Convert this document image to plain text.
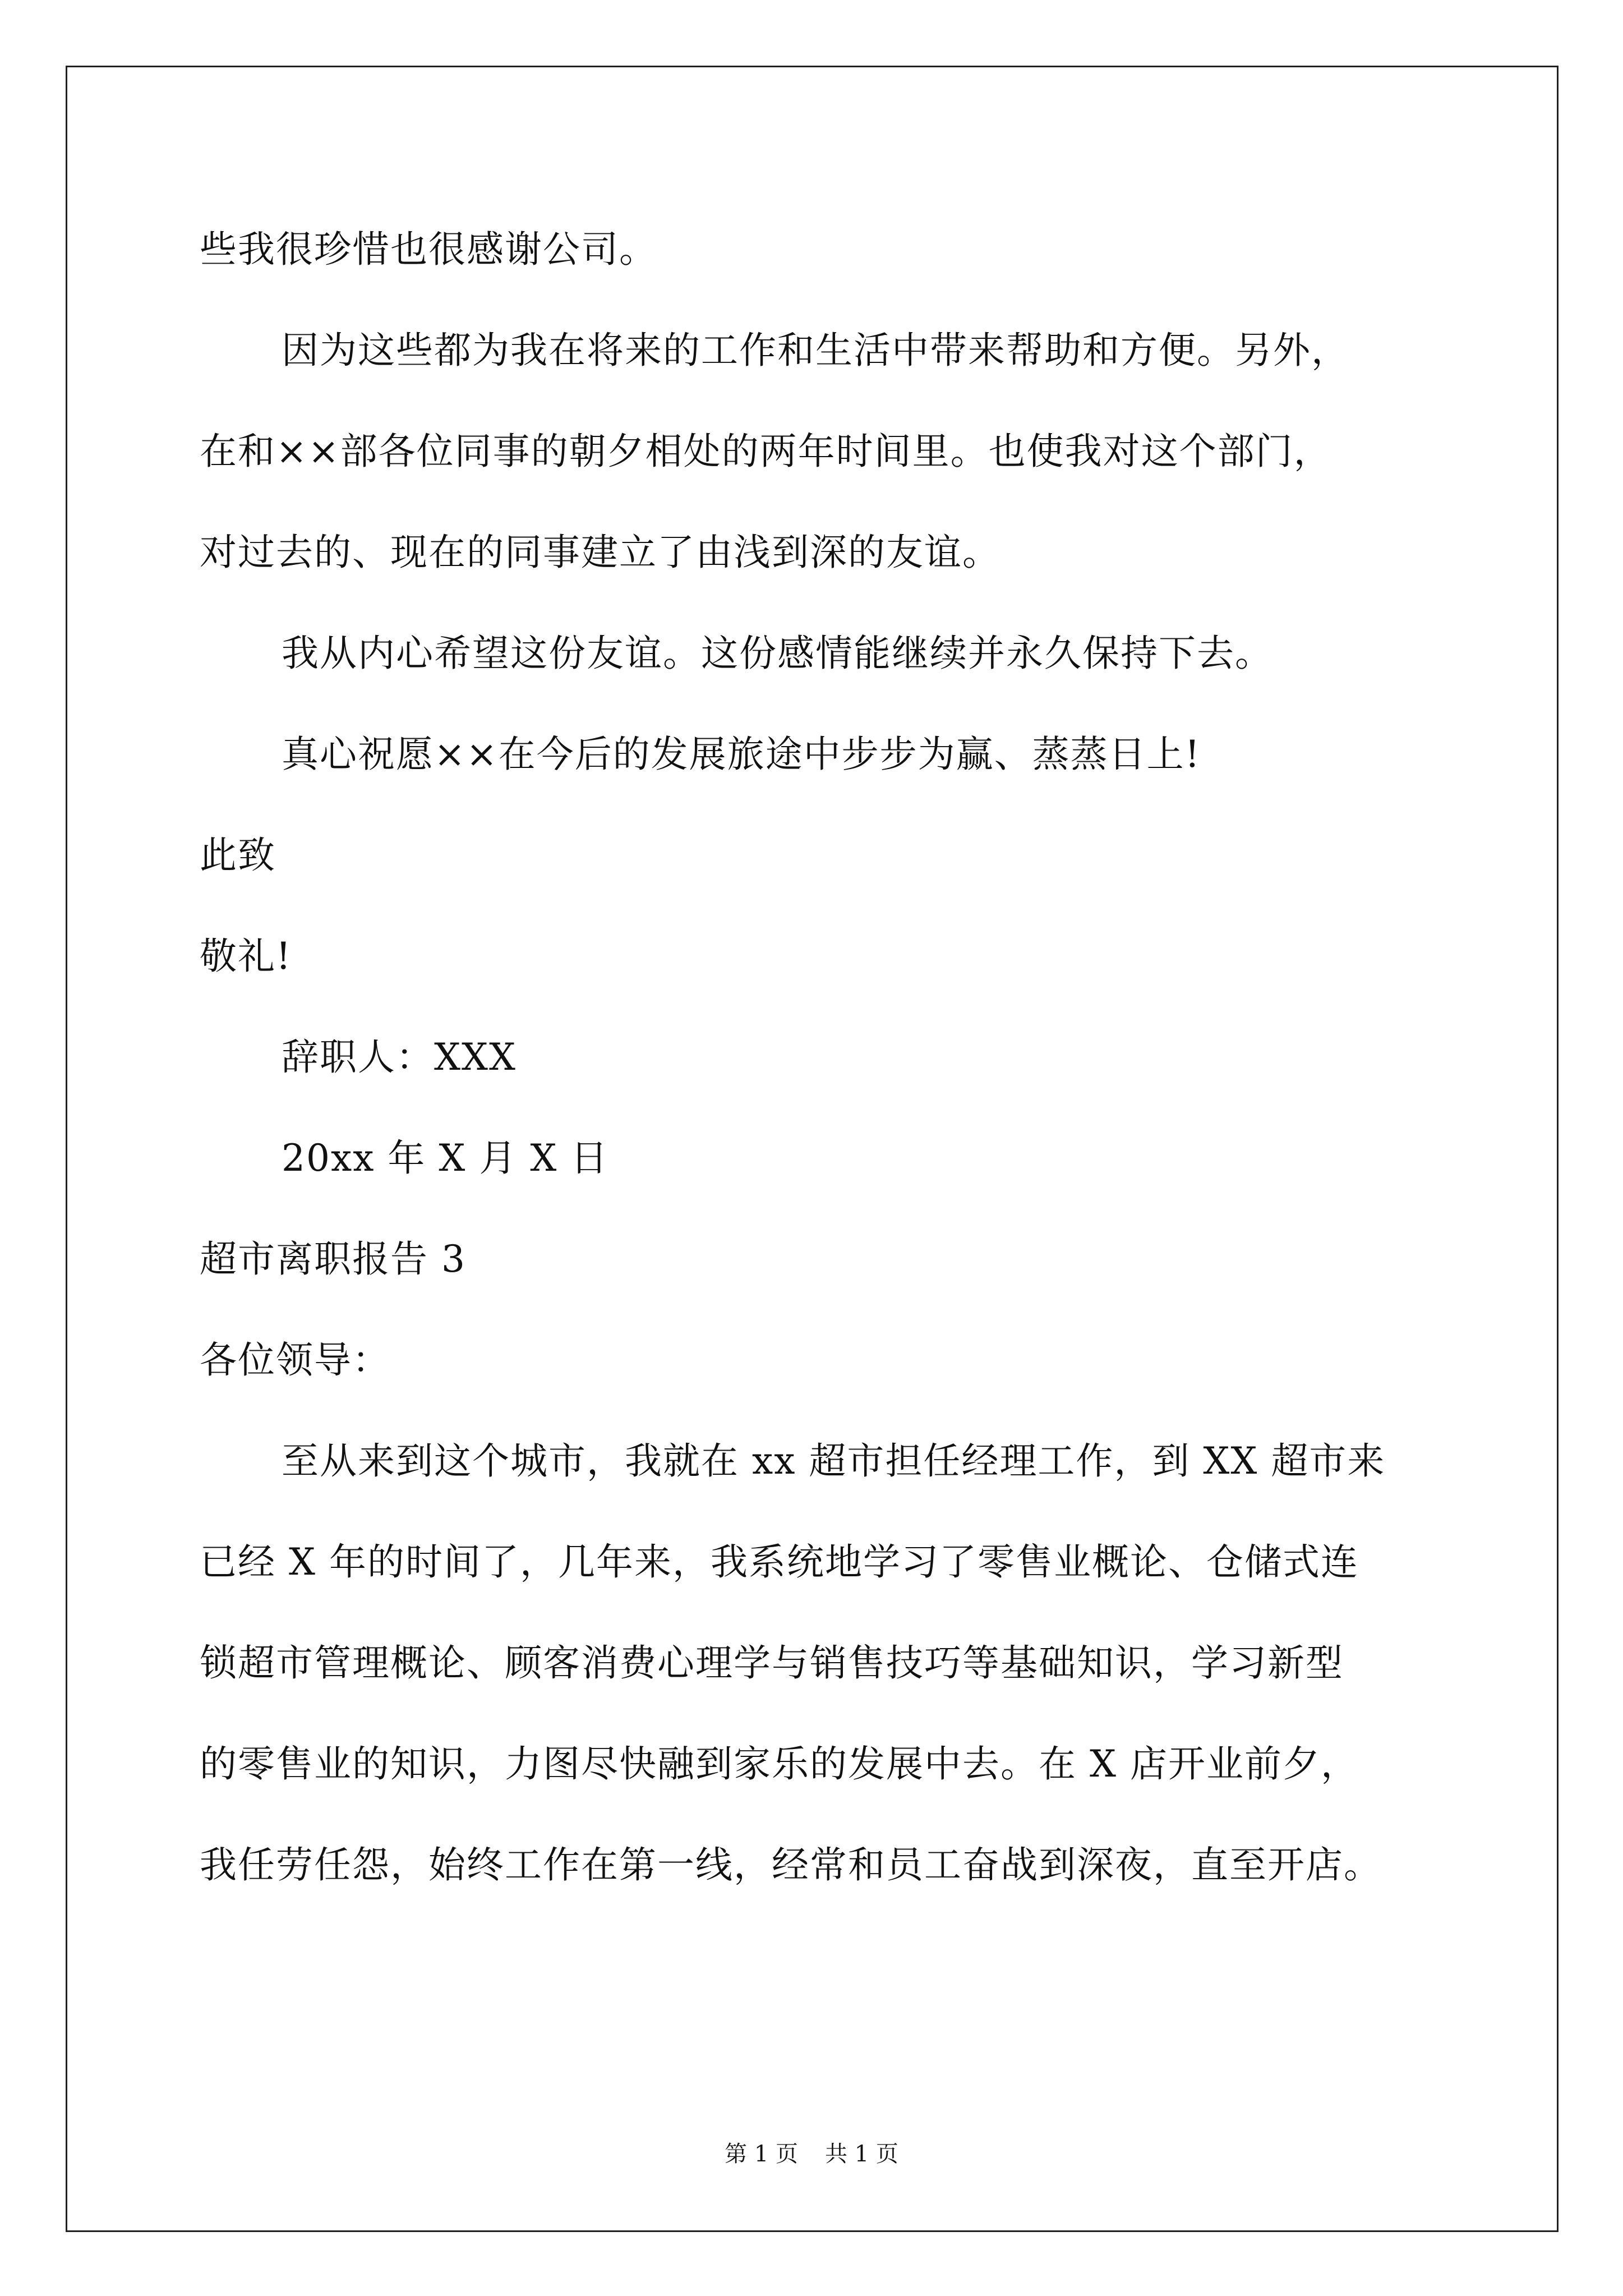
些我很珍惜也很感谢公司。
因为这些都为我在将来的工作和生活中带来帮助和方便。另外，
在和××部各位同事的朝夕相处的两年时间里。也使我对这个部门，
对过去的、现在的同事建立了由浅到深的友谊。
我从内心希望这份友谊。这份感情能继续并永久保持下去。
真心祝愿××在今后的发展旅途中步步为赢、蒸蒸日上!
此致
敬礼!
辞职人：XXX
20xx 年 X 月 X 日
超市离职报告 3
各位领导：
至从来到这个城市，我就在 xx 超市担任经理工作，到 XX 超市来
已经 X 年的时间了，几年来，我系统地学习了零售业概论、仓储式连
锁超市管理概论、顾客消费心理学与销售技巧等基础知识，学习新型
的零售业的知识，力图尽快融到家乐的发展中去。在 X 店开业前夕，
我任劳任怨，始终工作在第一线，经常和员工奋战到深夜，直至开店。
第 1 页 共 1 页
